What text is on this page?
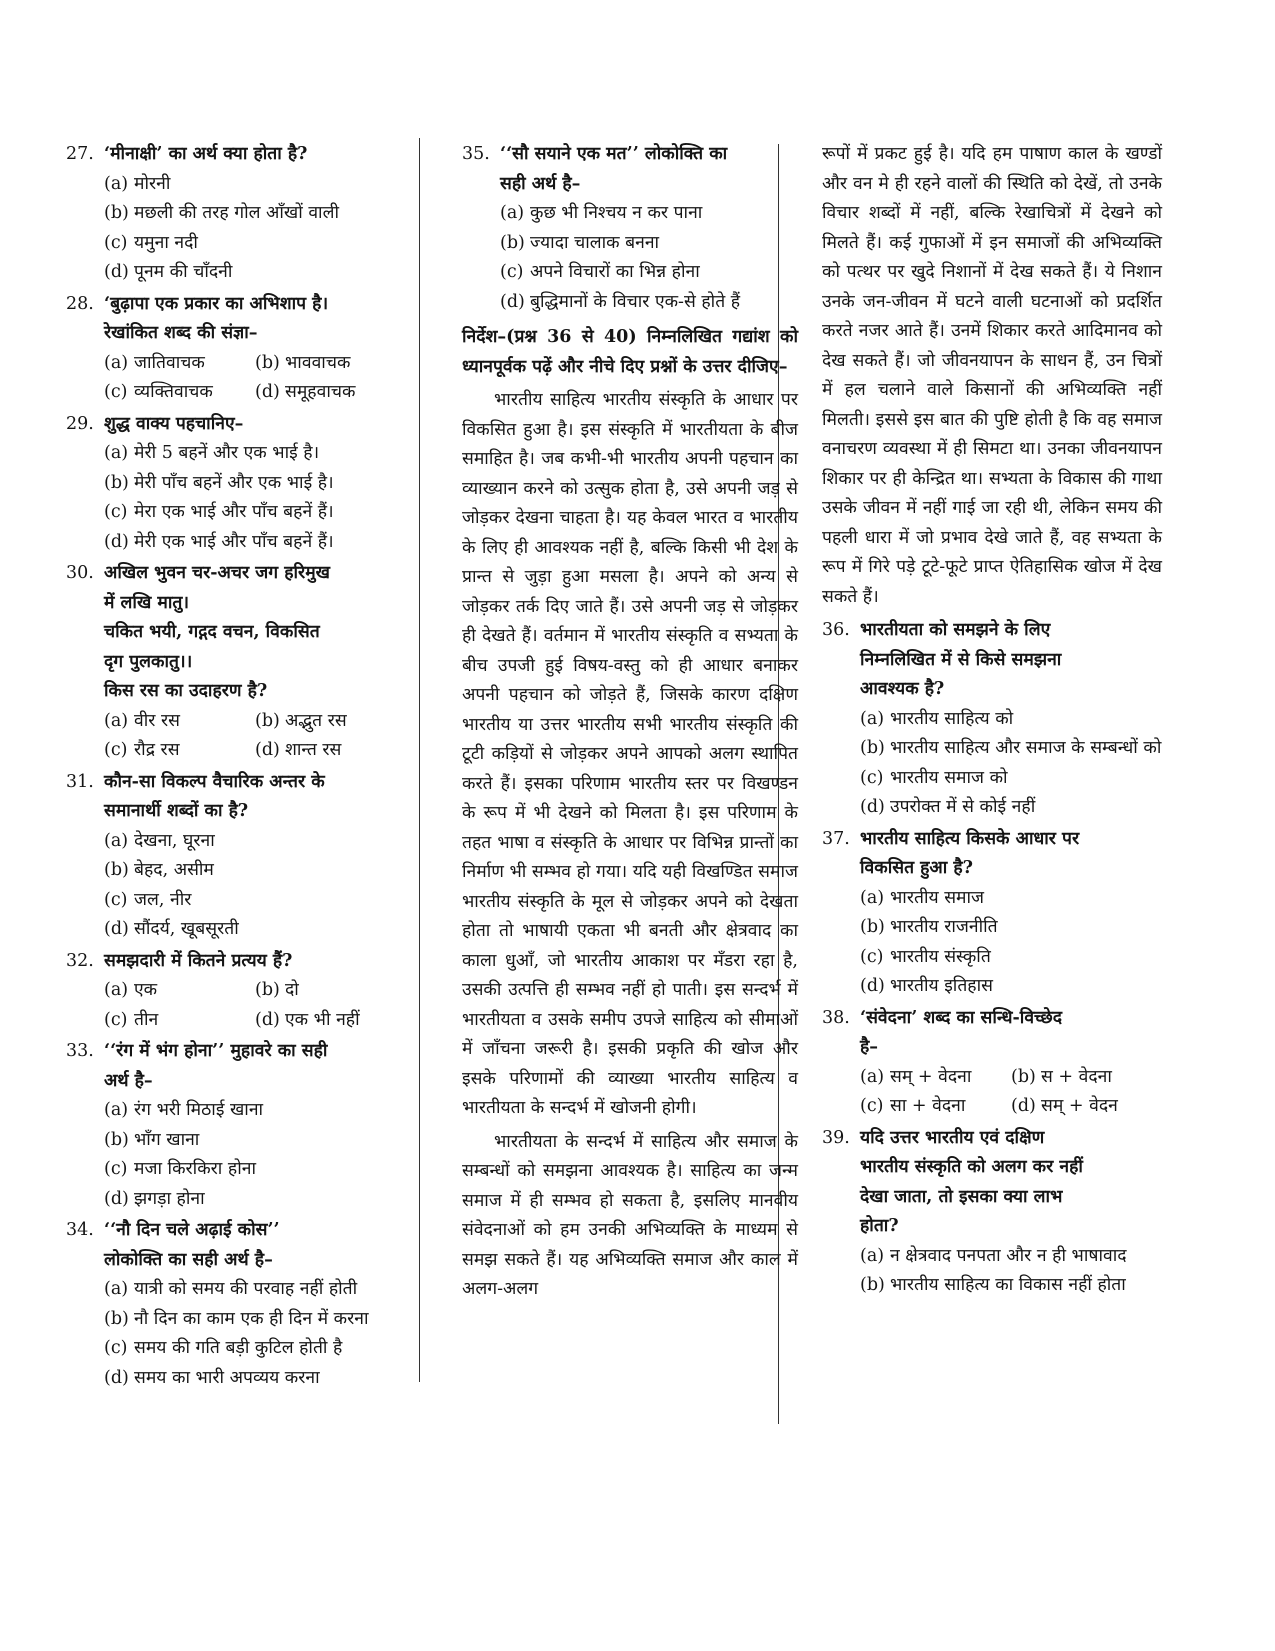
27. ‘मीनाक्षी’ का अर्थ क्या होता है?
(a) मोरनी
(b) मछली की तरह गोल आँखों वाली
(c) यमुना नदी
(d) पूनम की चाँदनी
28. ‘बुढ़ापा एक प्रकार का अभिशाप है।
रेखांकित शब्द की संज्ञा–
(a) जातिवाचक	(b) भाववाचक
(c) व्यक्तिवाचक	(d) समूहवाचक
29. शुद्ध वाक्य पहचानिए–
(a) मेरी 5 बहनें और एक भाई है।
(b) मेरी पाँच बहनें और एक भाई है।
(c) मेरा एक भाई और पाँच बहनें हैं।
(d) मेरी एक भाई और पाँच बहनें हैं।
30. अखिल भुवन चर-अचर जग हरिमुख
में लखि मातु।
चकित भयी, गद्गद वचन, विकसित
दृग पुलकातु।।
किस रस का उदाहरण है?
(a) वीर रस	(b) अद्भुत रस
(c) रौद्र रस	(d) शान्त रस
31. कौन-सा विकल्प वैचारिक अन्तर के
समानार्थी शब्दों का है?
(a) देखना, घूरना
(b) बेहद, असीम
(c) जल, नीर
(d) सौंदर्य, खूबसूरती
32. समझदारी में कितने प्रत्यय हैं?
(a) एक	(b) दो
(c) तीन	(d) एक भी नहीं
33. ‘‘रंग में भंग होना’’ मुहावरे का सही
अर्थ है–
(a) रंग भरी मिठाई खाना
(b) भाँग खाना
(c) मजा किरकिरा होना
(d) झगड़ा होना
34. ‘‘नौ दिन चले अढ़ाई कोस’’
लोकोक्ति का सही अर्थ है–
(a) यात्री को समय की परवाह नहीं होती
(b) नौ दिन का काम एक ही दिन में करना
(c) समय की गति बड़ी कुटिल होती है
(d) समय का भारी अपव्यय करना
35. ‘‘सौ सयाने एक मत’’ लोकोक्ति का
सही अर्थ है–
(a) कुछ भी निश्चय न कर पाना
(b) ज्यादा चालाक बनना
(c) अपने विचारों का भिन्न होना
(d) बुद्धिमानों के विचार एक-से होते हैं
निर्देश–(प्रश्न 36 से 40) निम्नलिखित गद्यांश को ध्यानपूर्वक पढ़ें और नीचे दिए प्रश्नों के उत्तर दीजिए–

भारतीय साहित्य भारतीय संस्कृति के आधार पर विकसित हुआ है। इस संस्कृति में भारतीयता के बीज समाहित है। जब कभी-भी भारतीय अपनी पहचान का व्याख्यान करने को उत्सुक होता है, उसे अपनी जड़ से जोड़कर देखना चाहता है। यह केवल भारत व भारतीय के लिए ही आवश्यक नहीं है, बल्कि किसी भी देश के प्रान्त से जुड़ा हुआ मसला है। अपने को अन्य से जोड़कर तर्क दिए जाते हैं। उसे अपनी जड़ से जोड़कर ही देखते हैं। वर्तमान में भारतीय संस्कृति व सभ्यता के बीच उपजी हुई विषय-वस्तु को ही आधार बनाकर अपनी पहचान को जोड़ते हैं, जिसके कारण दक्षिण भारतीय या उत्तर भारतीय सभी भारतीय संस्कृति की टूटी कड़ियों से जोड़कर अपने आपको अलग स्थापित करते हैं। इसका परिणाम भारतीय स्तर पर विखण्डन के रूप में भी देखने को मिलता है। इस परिणाम के तहत भाषा व संस्कृति के आधार पर विभिन्न प्रान्तों का निर्माण भी सम्भव हो गया। यदि यही विखण्डित समाज भारतीय संस्कृति के मूल से जोड़कर अपने को देखता होता तो भाषायी एकता भी बनती और क्षेत्रवाद का काला धुआँ, जो भारतीय आकाश पर मँडरा रहा है, उसकी उत्पत्ति ही सम्भव नहीं हो पाती। इस सन्दर्भ में भारतीयता व उसके समीप उपजे साहित्य को सीमाओं में जाँचना जरूरी है। इसकी प्रकृति की खोज और इसके परिणामों की व्याख्या भारतीय साहित्य व भारतीयता के सन्दर्भ में खोजनी होगी।

भारतीयता के सन्दर्भ में साहित्य और समाज के सम्बन्धों को समझना आवश्यक है। साहित्य का जन्म समाज में ही सम्भव हो सकता है, इसलिए मानवीय संवेदनाओं को हम उनकी अभिव्यक्ति के माध्यम से समझ सकते हैं। यह अभिव्यक्ति समाज और काल में अलग-अलग

रूपों में प्रकट हुई है। यदि हम पाषाण काल के खण्डों और वन मे ही रहने वालों की स्थिति को देखें, तो उनके विचार शब्दों में नहीं, बल्कि रेखाचित्रों में देखने को मिलते हैं। कई गुफाओं में इन समाजों की अभिव्यक्ति को पत्थर पर खुदे निशानों में देख सकते हैं। ये निशान उनके जन-जीवन में घटने वाली घटनाओं को प्रदर्शित करते नजर आते हैं। उनमें शिकार करते आदिमानव को देख सकते हैं। जो जीवनयापन के साधन हैं, उन चित्रों में हल चलाने वाले किसानों की अभिव्यक्ति नहीं मिलती। इससे इस बात की पुष्टि होती है कि वह समाज वनाचरण व्यवस्था में ही सिमटा था। उनका जीवनयापन शिकार पर ही केन्द्रित था। सभ्यता के विकास की गाथा उसके जीवन में नहीं गाई जा रही थी, लेकिन समय की पहली धारा में जो प्रभाव देखे जाते हैं, वह सभ्यता के रूप में गिरे पड़े टूटे-फूटे प्राप्त ऐतिहासिक खोज में देख सकते हैं।

36. भारतीयता को समझने के लिए
निम्नलिखित में से किसे समझना
आवश्यक है?
(a) भारतीय साहित्य को
(b) भारतीय साहित्य और समाज के सम्बन्धों को
(c) भारतीय समाज को
(d) उपरोक्त में से कोई नहीं
37. भारतीय साहित्य किसके आधार पर
विकसित हुआ है?
(a) भारतीय समाज
(b) भारतीय राजनीति
(c) भारतीय संस्कृति
(d) भारतीय इतिहास
38. ‘संवेदना’ शब्द का सन्धि-विच्छेद
है–
(a) सम् + वेदना	(b) स + वेदना
(c) सा + वेदना	(d) सम् + वेदन
39. यदि उत्तर भारतीय एवं दक्षिण
भारतीय संस्कृति को अलग कर नहीं
देखा जाता, तो इसका क्या लाभ
होता?
(a) न क्षेत्रवाद पनपता और न ही भाषावाद
(b) भारतीय साहित्य का विकास नहीं होता
